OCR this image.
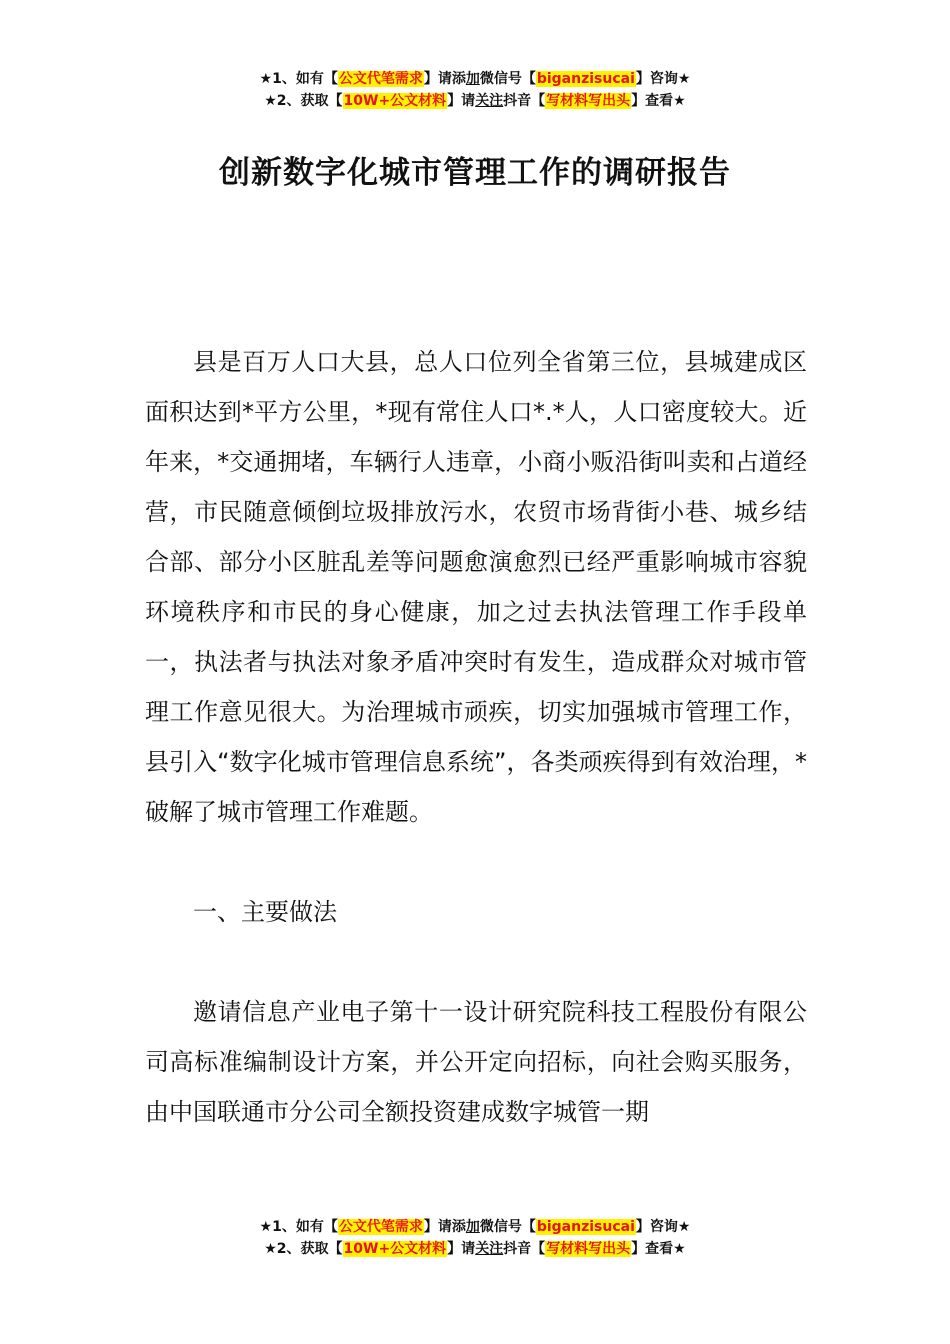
★1、如有【公文代笔需求】请添加微信号【biganzisucai】咨询★
★2、获取【10W+公文材料】请关注抖音【写材料写出头】查看★
创新数字化城市管理工作的调研报告

县是百万人口大县，总人口位列全省第三位，县城建成区面积达到*平方公里，*现有常住人口*.*人，人口密度较大。近年来，*交通拥堵，车辆行人违章，小商小贩沿街叫卖和占道经营，市民随意倾倒垃圾排放污水，农贸市场背街小巷、城乡结合部、部分小区脏乱差等问题愈演愈烈已经严重影响城市容貌环境秩序和市民的身心健康，加之过去执法管理工作手段单一，执法者与执法对象矛盾冲突时有发生，造成群众对城市管理工作意见很大。为治理城市顽疾，切实加强城市管理工作，县引入“数字化城市管理信息系统”，各类顽疾得到有效治理，*破解了城市管理工作难题。

一、主要做法

邀请信息产业电子第十一设计研究院科技工程股份有限公司高标准编制设计方案，并公开定向招标，向社会购买服务，由中国联通市分公司全额投资建成数字城管一期

★1、如有【公文代笔需求】请添加微信号【biganzisucai】咨询★
★2、获取【10W+公文材料】请关注抖音【写材料写出头】查看★
